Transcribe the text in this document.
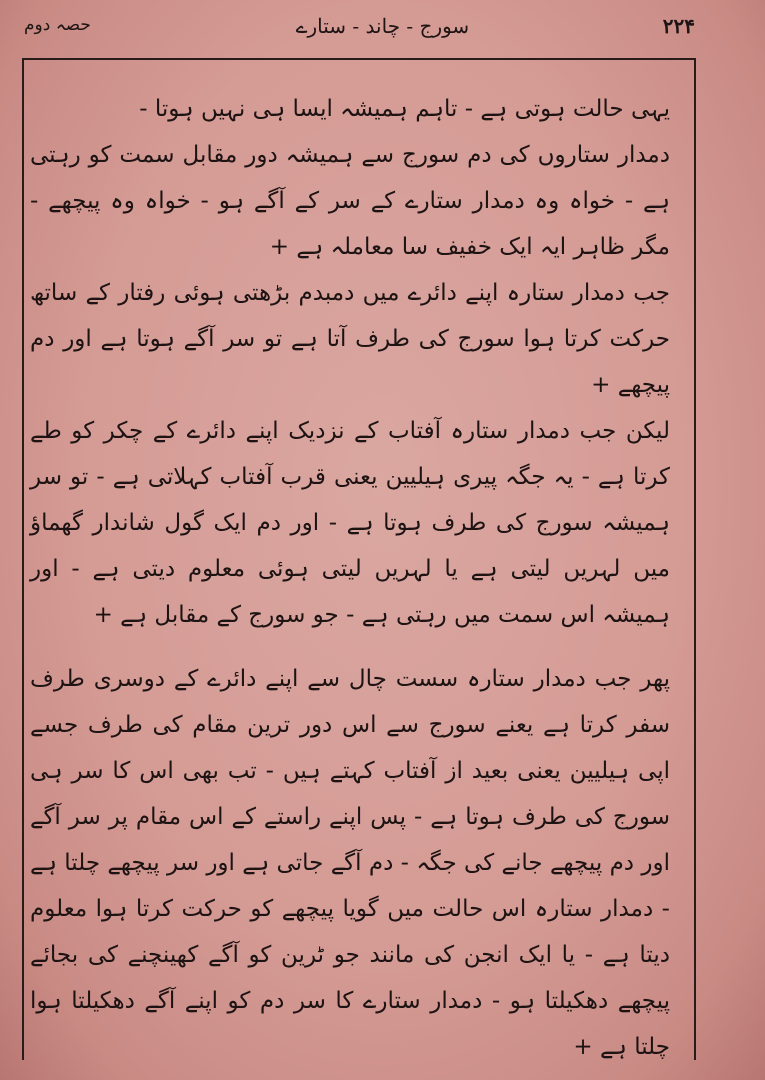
حصہ دوم	سورج - چاند - ستارے	۲۲۴

یہی حالت ہوتی ہے - تاہم ہمیشہ ایسا ہی نہیں ہوتا -

دمدار ستاروں کی دم سورج سے ہمیشہ دور مقابل سمت کو رہتی ہے - خواہ وہ دمدار ستارے کے سر کے آگے ہو - خواہ وہ پیچھے - مگر ظاہر ایہ ایک خفیف سا معاملہ ہے +

جب دمدار ستارہ اپنے دائرے میں دمبدم بڑھتی ہوئی رفتار کے ساتھ حرکت کرتا ہوا سورج کی طرف آتا ہے تو سر آگے ہوتا ہے اور دم پیچھے +

لیکن جب دمدار ستارہ آفتاب کے نزدیک اپنے دائرے کے چکر کو طے کرتا ہے - یہ جگہ پیری ہیلیین یعنی قرب آفتاب کہلاتی ہے - تو سر ہمیشہ سورج کی طرف ہوتا ہے - اور دم ایک گول شاندار گھماؤ میں لہریں لیتی ہے یا لہریں لیتی ہوئی معلوم دیتی ہے - اور ہمیشہ اس سمت میں رہتی ہے - جو سورج کے مقابل ہے +

پھر جب دمدار ستارہ سست چال سے اپنے دائرے کے دوسری طرف سفر کرتا ہے یعنے سورج سے اس دور ترین مقام کی طرف جسے اپی ہیلیین یعنی بعید از آفتاب کہتے ہیں - تب بھی اس کا سر ہی سورج کی طرف ہوتا ہے - پس اپنے راستے کے اس مقام پر سر آگے اور دم پیچھے جانے کی جگہ - دم آگے جاتی ہے اور سر پیچھے چلتا ہے - دمدار ستارہ اس حالت میں گویا پیچھے کو حرکت کرتا ہوا معلوم دیتا ہے - یا ایک انجن کی مانند جو ٹرین کو آگے کھینچنے کی بجائے پیچھے دھکیلتا ہو - دمدار ستارے کا سر دم کو اپنے آگے دھکیلتا ہوا چلتا ہے +
